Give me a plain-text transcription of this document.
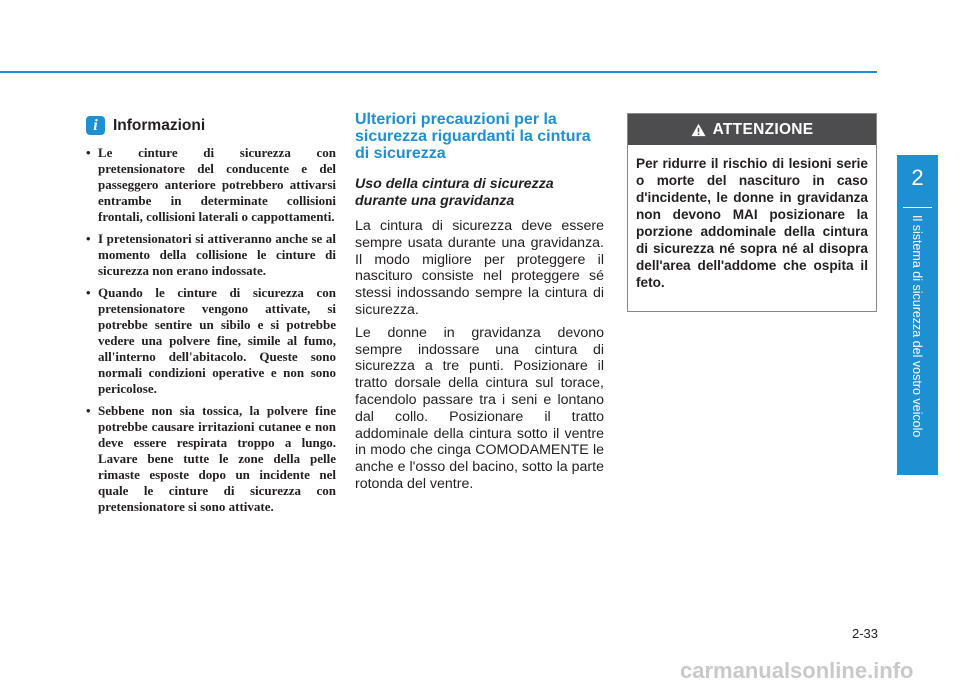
i Informazioni
• Le cinture di sicurezza con pretensionatore del conducente e del passeggero anteriore potrebbero attivarsi entrambe in determinate collisioni frontali, collisioni laterali o cappottamenti.
• I pretensionatori si attiveranno anche se al momento della collisione le cinture di sicurezza non erano indossate.
• Quando le cinture di sicurezza con pretensionatore vengono attivate, si potrebbe sentire un sibilo e si potrebbe vedere una polvere fine, simile al fumo, all'interno dell'abitacolo. Queste sono normali condizioni operative e non sono pericolose.
• Sebbene non sia tossica, la polvere fine potrebbe causare irritazioni cutanee e non deve essere respirata troppo a lungo. Lavare bene tutte le zone della pelle rimaste esposte dopo un incidente nel quale le cinture di sicurezza con pretensionatore si sono attivate.
Ulteriori precauzioni per la sicurezza riguardanti la cintura di sicurezza
Uso della cintura di sicurezza durante una gravidanza

La cintura di sicurezza deve essere sempre usata durante una gravidanza. Il modo migliore per proteggere il nascituro consiste nel proteggere sé stessi indossando sempre la cintura di sicurezza.

Le donne in gravidanza devono sempre indossare una cintura di sicurezza a tre punti. Posizionare il tratto dorsale della cintura sul torace, facendolo passare tra i seni e lontano dal collo. Posizionare il tratto addominale della cintura sotto il ventre in modo che cinga COMODAMENTE le anche e l'osso del bacino, sotto la parte rotonda del ventre.

ATTENZIONE
Per ridurre il rischio di lesioni serie o morte del nascituro in caso d'incidente, le donne in gravidanza non devono MAI posizionare la porzione addominale della cintura di sicurezza né sopra né al disopra dell'area dell'addome che ospita il feto.
2
Il sistema di sicurezza del vostro veicolo
2-33
carmanualsonline.info
